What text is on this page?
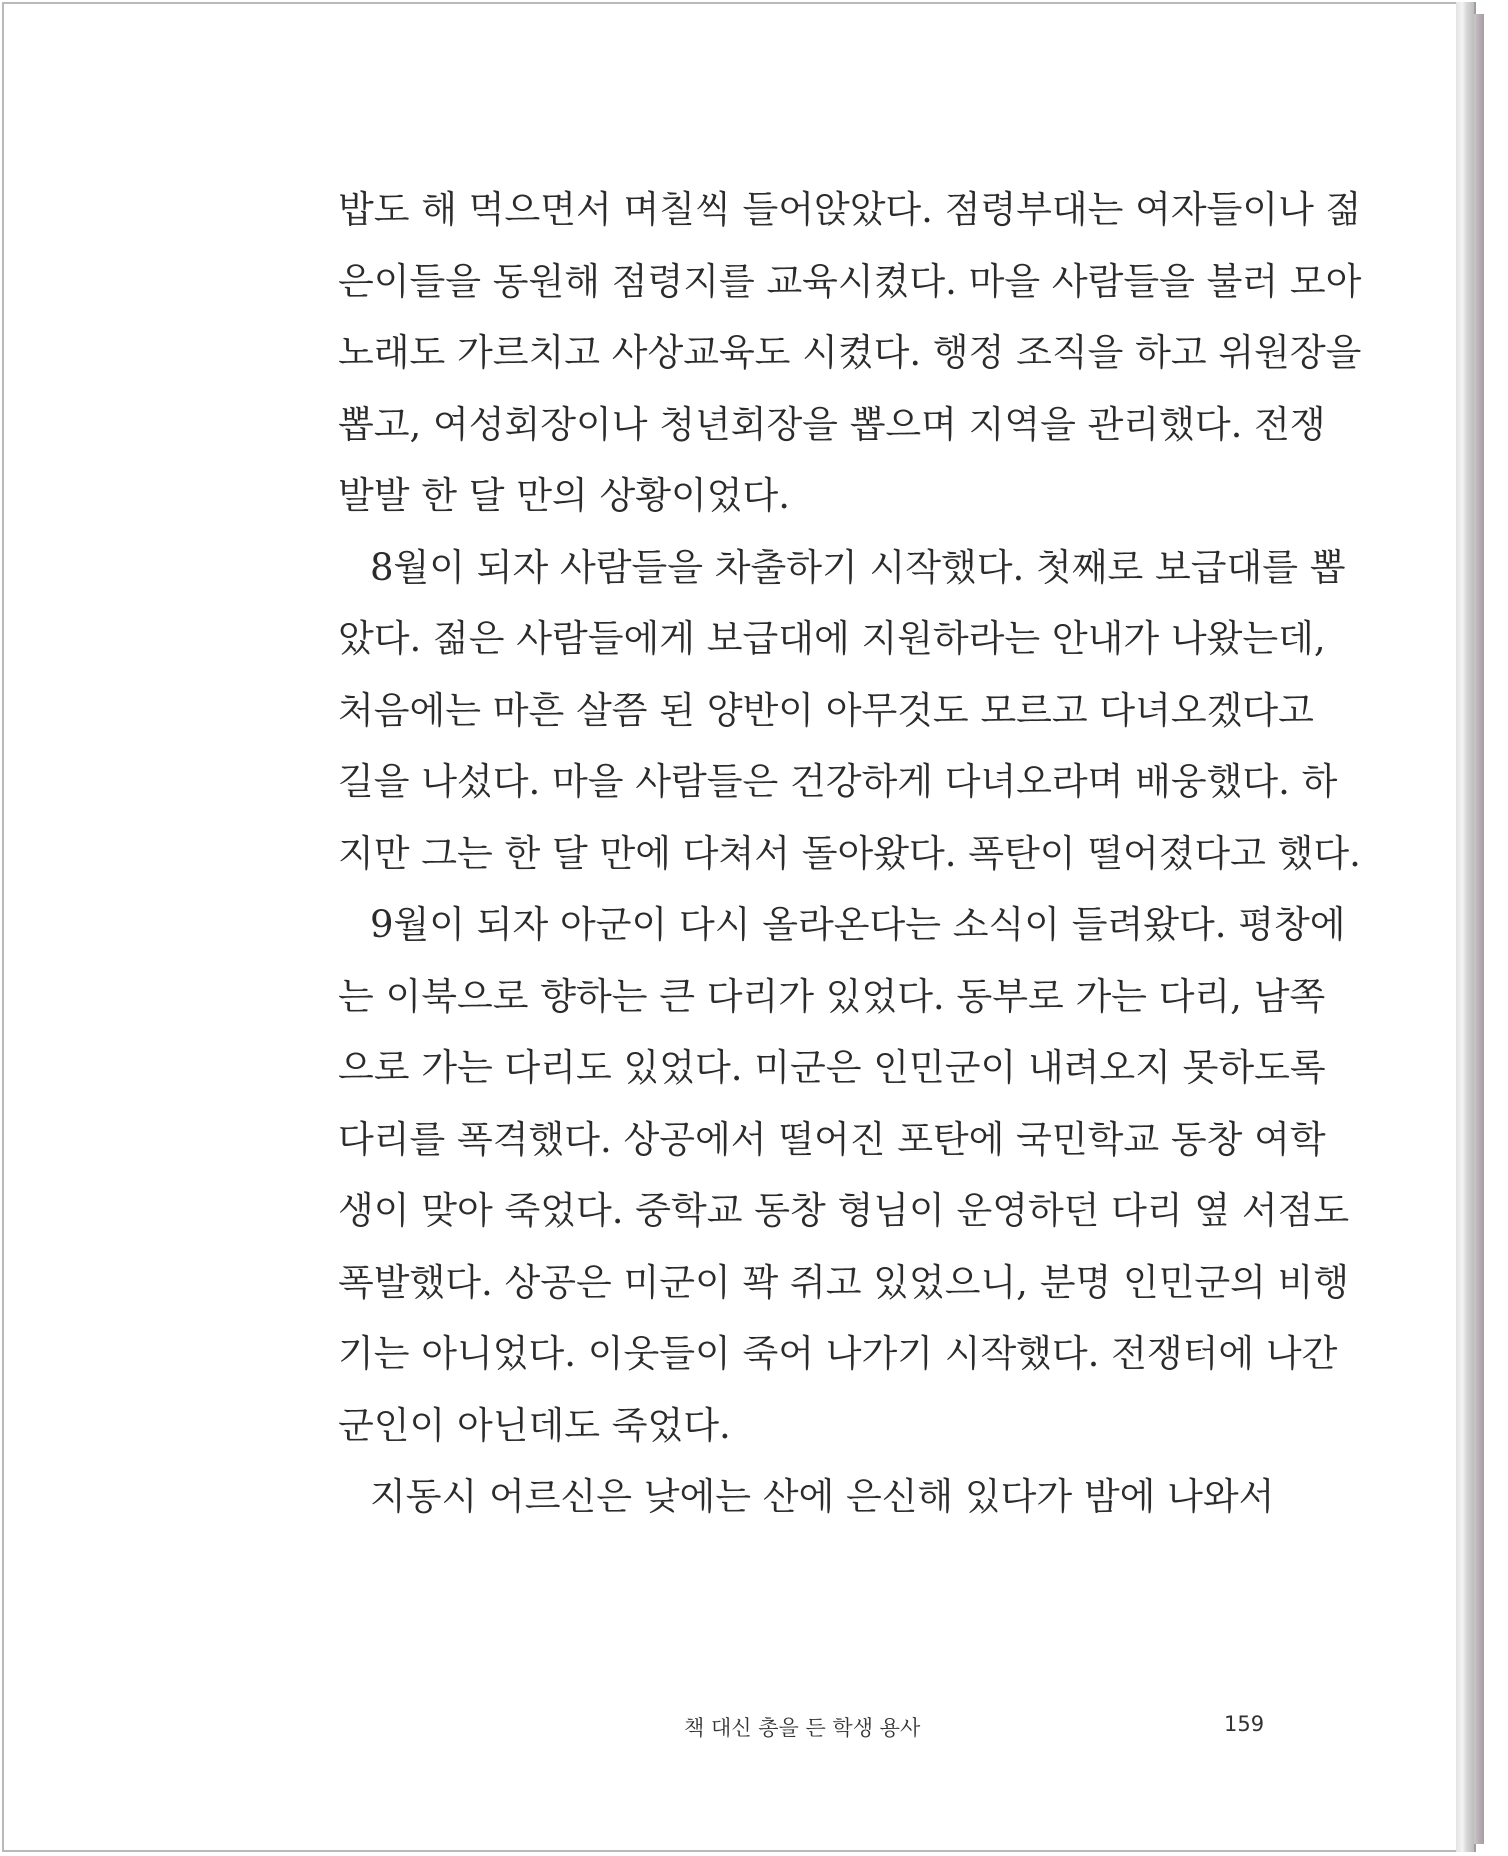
밥도 해 먹으면서 며칠씩 들어앉았다. 점령부대는 여자들이나 젊
은이들을 동원해 점령지를 교육시켰다. 마을 사람들을 불러 모아
노래도 가르치고 사상교육도 시켰다. 행정 조직을 하고 위원장을
뽑고, 여성회장이나 청년회장을 뽑으며 지역을 관리했다. 전쟁
발발 한 달 만의 상황이었다.
8월이 되자 사람들을 차출하기 시작했다. 첫째로 보급대를 뽑
았다. 젊은 사람들에게 보급대에 지원하라는 안내가 나왔는데,
처음에는 마흔 살쯤 된 양반이 아무것도 모르고 다녀오겠다고
길을 나섰다. 마을 사람들은 건강하게 다녀오라며 배웅했다. 하
지만 그는 한 달 만에 다쳐서 돌아왔다. 폭탄이 떨어졌다고 했다.
9월이 되자 아군이 다시 올라온다는 소식이 들려왔다. 평창에
는 이북으로 향하는 큰 다리가 있었다. 동부로 가는 다리, 남쪽
으로 가는 다리도 있었다. 미군은 인민군이 내려오지 못하도록
다리를 폭격했다. 상공에서 떨어진 포탄에 국민학교 동창 여학
생이 맞아 죽었다. 중학교 동창 형님이 운영하던 다리 옆 서점도
폭발했다. 상공은 미군이 꽉 쥐고 있었으니, 분명 인민군의 비행
기는 아니었다. 이웃들이 죽어 나가기 시작했다. 전쟁터에 나간
군인이 아닌데도 죽었다.
지동시 어르신은 낮에는 산에 은신해 있다가 밤에 나와서
책 대신 총을 든 학생 용사	159
